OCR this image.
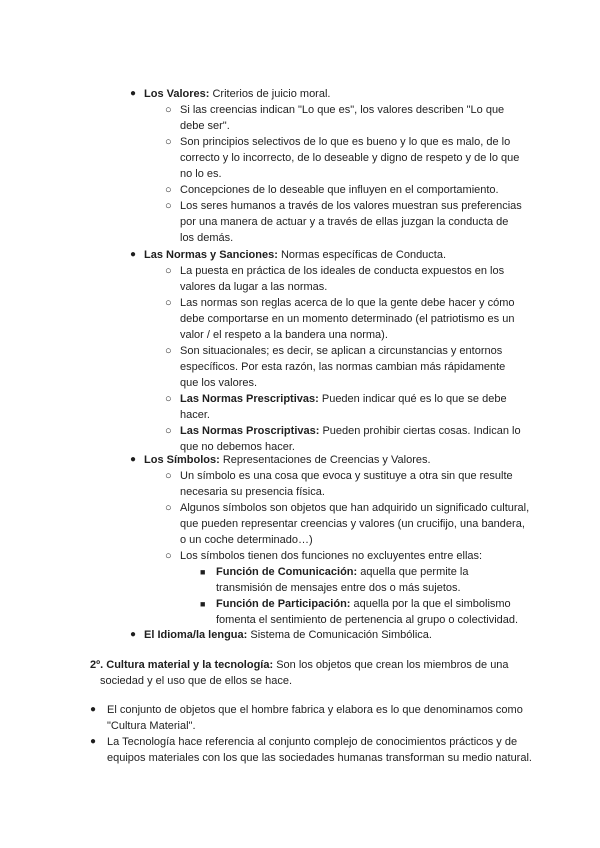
● Los Valores: Criterios de juicio moral.
○ Si las creencias indican "Lo que es", los valores describen "Lo que debe ser".
○ Son principios selectivos de lo que es bueno y lo que es malo, de lo correcto y lo incorrecto, de lo deseable y digno de respeto y de lo que no lo es.
○ Concepciones de lo deseable que influyen en el comportamiento.
○ Los seres humanos a través de los valores muestran sus preferencias por una manera de actuar y a través de ellas juzgan la conducta de los demás.
● Las Normas y Sanciones: Normas específicas de Conducta.
○ La puesta en práctica de los ideales de conducta expuestos en los valores da lugar a las normas.
○ Las normas son reglas acerca de lo que la gente debe hacer y cómo debe comportarse en un momento determinado (el patriotismo es un valor / el respeto a la bandera una norma).
○ Son situacionales; es decir, se aplican a circunstancias y entornos específicos. Por esta razón, las normas cambian más rápidamente que los valores.
○ Las Normas Prescriptivas: Pueden indicar qué es lo que se debe hacer.
○ Las Normas Proscriptivas: Pueden prohibir ciertas cosas. Indican lo que no debemos hacer.
● Los Símbolos: Representaciones de Creencias y Valores.
○ Un símbolo es una cosa que evoca y sustituye a otra sin que resulte necesaria su presencia física.
○ Algunos símbolos son objetos que han adquirido un significado cultural, que pueden representar creencias y valores (un crucifijo, una bandera, o un coche determinado…)
○ Los símbolos tienen dos funciones no excluyentes entre ellas:
■ Función de Comunicación: aquella que permite la transmisión de mensajes entre dos o más sujetos.
■ Función de Participación: aquella por la que el simbolismo fomenta el sentimiento de pertenencia al grupo o colectividad.
● El Idioma/la lengua: Sistema de Comunicación Simbólica.
2º. Cultura material y la tecnología: Son los objetos que crean los miembros de una sociedad y el uso que de ellos se hace.
● El conjunto de objetos que el hombre fabrica y elabora es lo que denominamos como "Cultura Material".
● La Tecnología hace referencia al conjunto complejo de conocimientos prácticos y de equipos materiales con los que las sociedades humanas transforman su medio natural.
